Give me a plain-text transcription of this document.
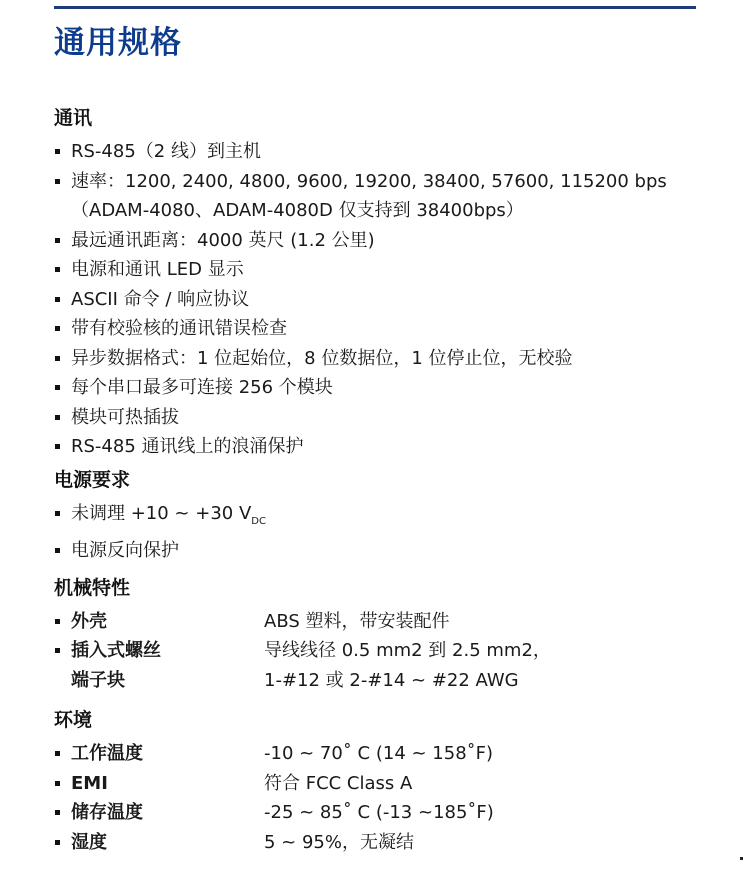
通用规格
通讯
RS-485（2 线）到主机
速率：1200, 2400, 4800, 9600, 19200, 38400, 57600, 115200 bps
（ADAM-4080、ADAM-4080D 仅支持到 38400bps）
最远通讯距离：4000 英尺 (1.2 公里)
电源和通讯 LED 显示
ASCII 命令 / 响应协议
带有校验核的通讯错误检查
异步数据格式：1 位起始位，8 位数据位，1 位停止位，无校验
每个串口最多可连接 256 个模块
模块可热插拔
RS-485 通讯线上的浪涌保护
电源要求
未调理 +10 ~ +30 $V_{DC}$
电源反向保护
机械特性
外壳	ABS 塑料，带安装配件
插入式螺丝	导线线径 0.5 mm2 到 2.5 mm2，
端子块	1-#12 或 2-#14 ~ #22 AWG
环境
工作温度	-10 ~ 70˚ C (14 ~ 158˚F)
EMI	符合 FCC Class A
储存温度	-25 ~ 85˚ C (-13 ~185˚F)
湿度	5 ~ 95%，无凝结
